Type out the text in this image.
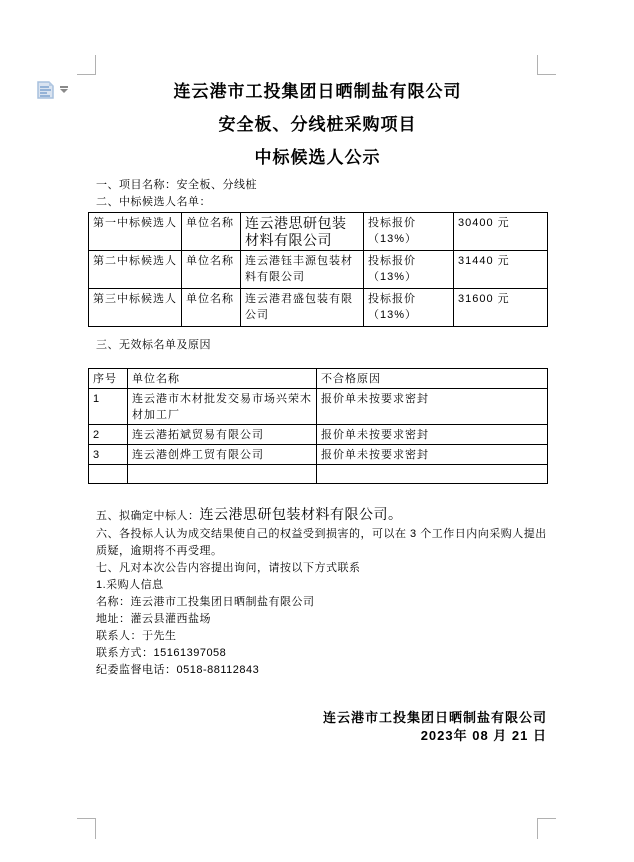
连云港市工投集团日晒制盐有限公司
安全板、分线桩采购项目
中标候选人公示
一、项目名称：安全板、分线桩
二、中标候选人名单：
第一中标候选人	单位名称	连云港思研包装材料有限公司	投标报价（13%）	30400 元
第二中标候选人	单位名称	连云港钰丰源包装材料有限公司	投标报价（13%）	31440 元
第三中标候选人	单位名称	连云港君盛包装有限公司	投标报价（13%）	31600 元
三、无效标名单及原因
序号	单位名称	不合格原因
1	连云港市木材批发交易市场兴荣木材加工厂	报价单未按要求密封
2	连云港拓斌贸易有限公司	报价单未按要求密封
3	连云港创烨工贸有限公司	报价单未按要求密封

五、拟确定中标人：连云港思研包装材料有限公司。
六、各投标人认为成交结果使自己的权益受到损害的，可以在 3 个工作日内向采购人提出质疑，逾期将不再受理。
七、凡对本次公告内容提出询问，请按以下方式联系
1.采购人信息
名称：连云港市工投集团日晒制盐有限公司
地址：灌云县灌西盐场
联系人：于先生
联系方式：15161397058
纪委监督电话：0518-88112843
连云港市工投集团日晒制盐有限公司
2023年 08 月 21 日
